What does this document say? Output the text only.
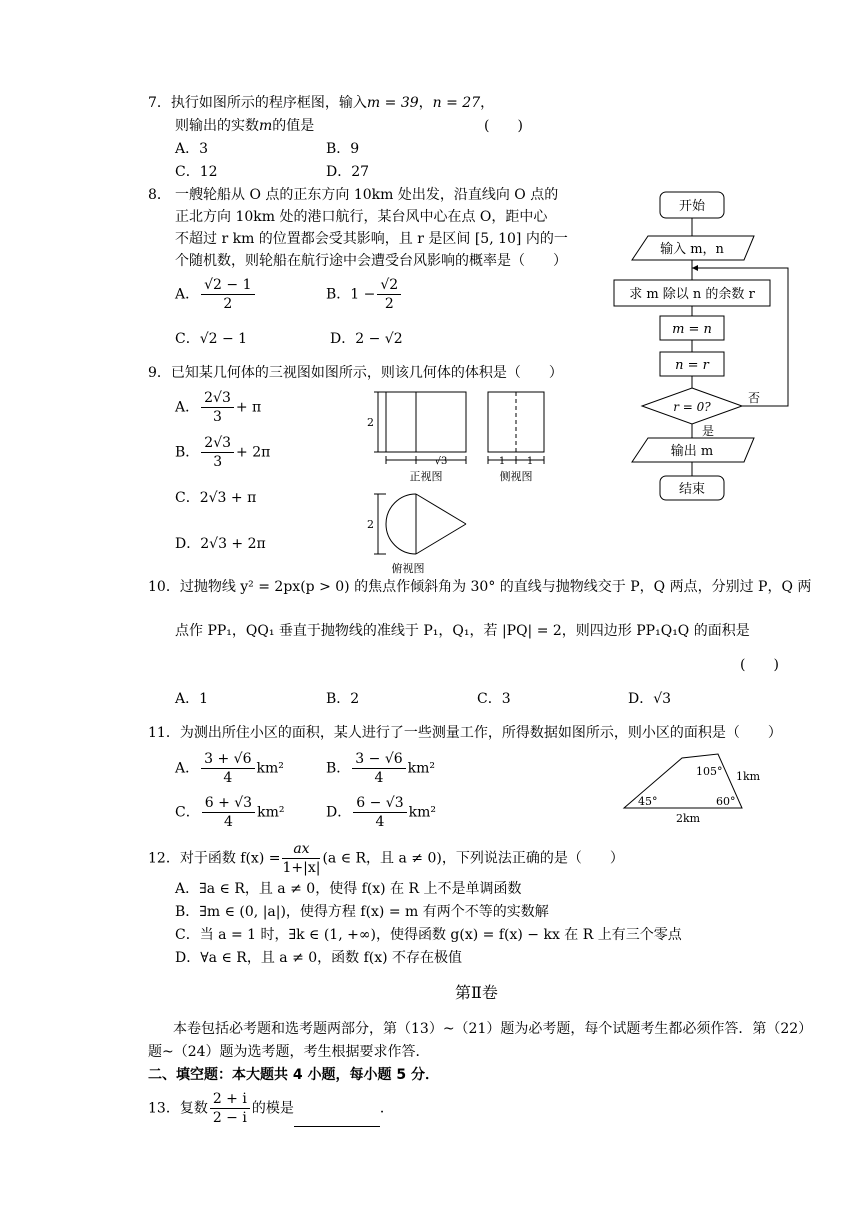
7．执行如图所示的程序框图，输入m = 39，n = 27，
则输出的实数m的值是	(　　)
A．3	B．9
C．12	D．27
8． 一艘轮船从 O 点的正东方向 10km 处出发，沿直线向 O 点的
正北方向 10km 处的港口航行，某台风中心在点 O，距中心
不超过 r km 的位置都会受其影响，且 r 是区间 [5, 10] 内的一
个随机数，则轮船在航行途中会遭受台风影响的概率是（　　）
A． $\frac{√2 - 1}{2}$	B．$1 - \frac{√2}{2}$
C．√2 − 1	D．2 − √2
9．已知某几何体的三视图如图所示，则该几何体的体积是（　　）
A． $\frac{2√3}{3} + \pi$
B． $\frac{2√3}{3} + 2\pi$
C．2√3 + π
D．2√3 + 2π
2
√3
正视图
1 1
侧视图
2
俯视图
开始
输入 m，n
求 m 除以 n 的余数 r
m = n
n = r
r = 0?
否
是
输出 m
结束
10．过抛物线 y² = 2px(p > 0) 的焦点作倾斜角为 30° 的直线与抛物线交于 P，Q 两点，分别过 P，Q 两
点作 PP₁，QQ₁ 垂直于抛物线的准线于 P₁，Q₁，若 |PQ| = 2，则四边形 PP₁Q₁Q 的面积是
(　　)
A．1	B．2	C．3	D．√3
11．为测出所住小区的面积，某人进行了一些测量工作，所得数据如图所示，则小区的面积是（　　）
A． $\frac{3 + √6}{4} km^2$	B． $\frac{3 - √6}{4} km^2$
C． $\frac{6 + √3}{4} km^2$	D． $\frac{6 - √3}{4} km^2$
105° 1km
45°	60°
2km
12．对于函数 $f(x) = \frac{ax}{1+|x|} (a$ ∈ R，且 a ≠ 0)，下列说法正确的是（　　）
A．∃a ∈ R，且 a ≠ 0，使得 f(x) 在 R 上不是单调函数
B．∃m ∈ (0, |a|)，使得方程 f(x) = m 有两个不等的实数解
C．当 a = 1 时，∃k ∈ (1, +∞)，使得函数 g(x) = f(x) − kx 在 R 上有三个零点
D．∀a ∈ R，且 a ≠ 0，函数 f(x) 不存在极值
第Ⅱ卷
本卷包括必考题和选考题两部分，第（13）~（21）题为必考题，每个试题考生都必须作答．第（22）
题~（24）题为选考题，考生根据要求作答．
二、填空题：本大题共 4 小题，每小题 5 分．
13．复数 $\frac{2 + i}{2 - i}$ 的模是	．
